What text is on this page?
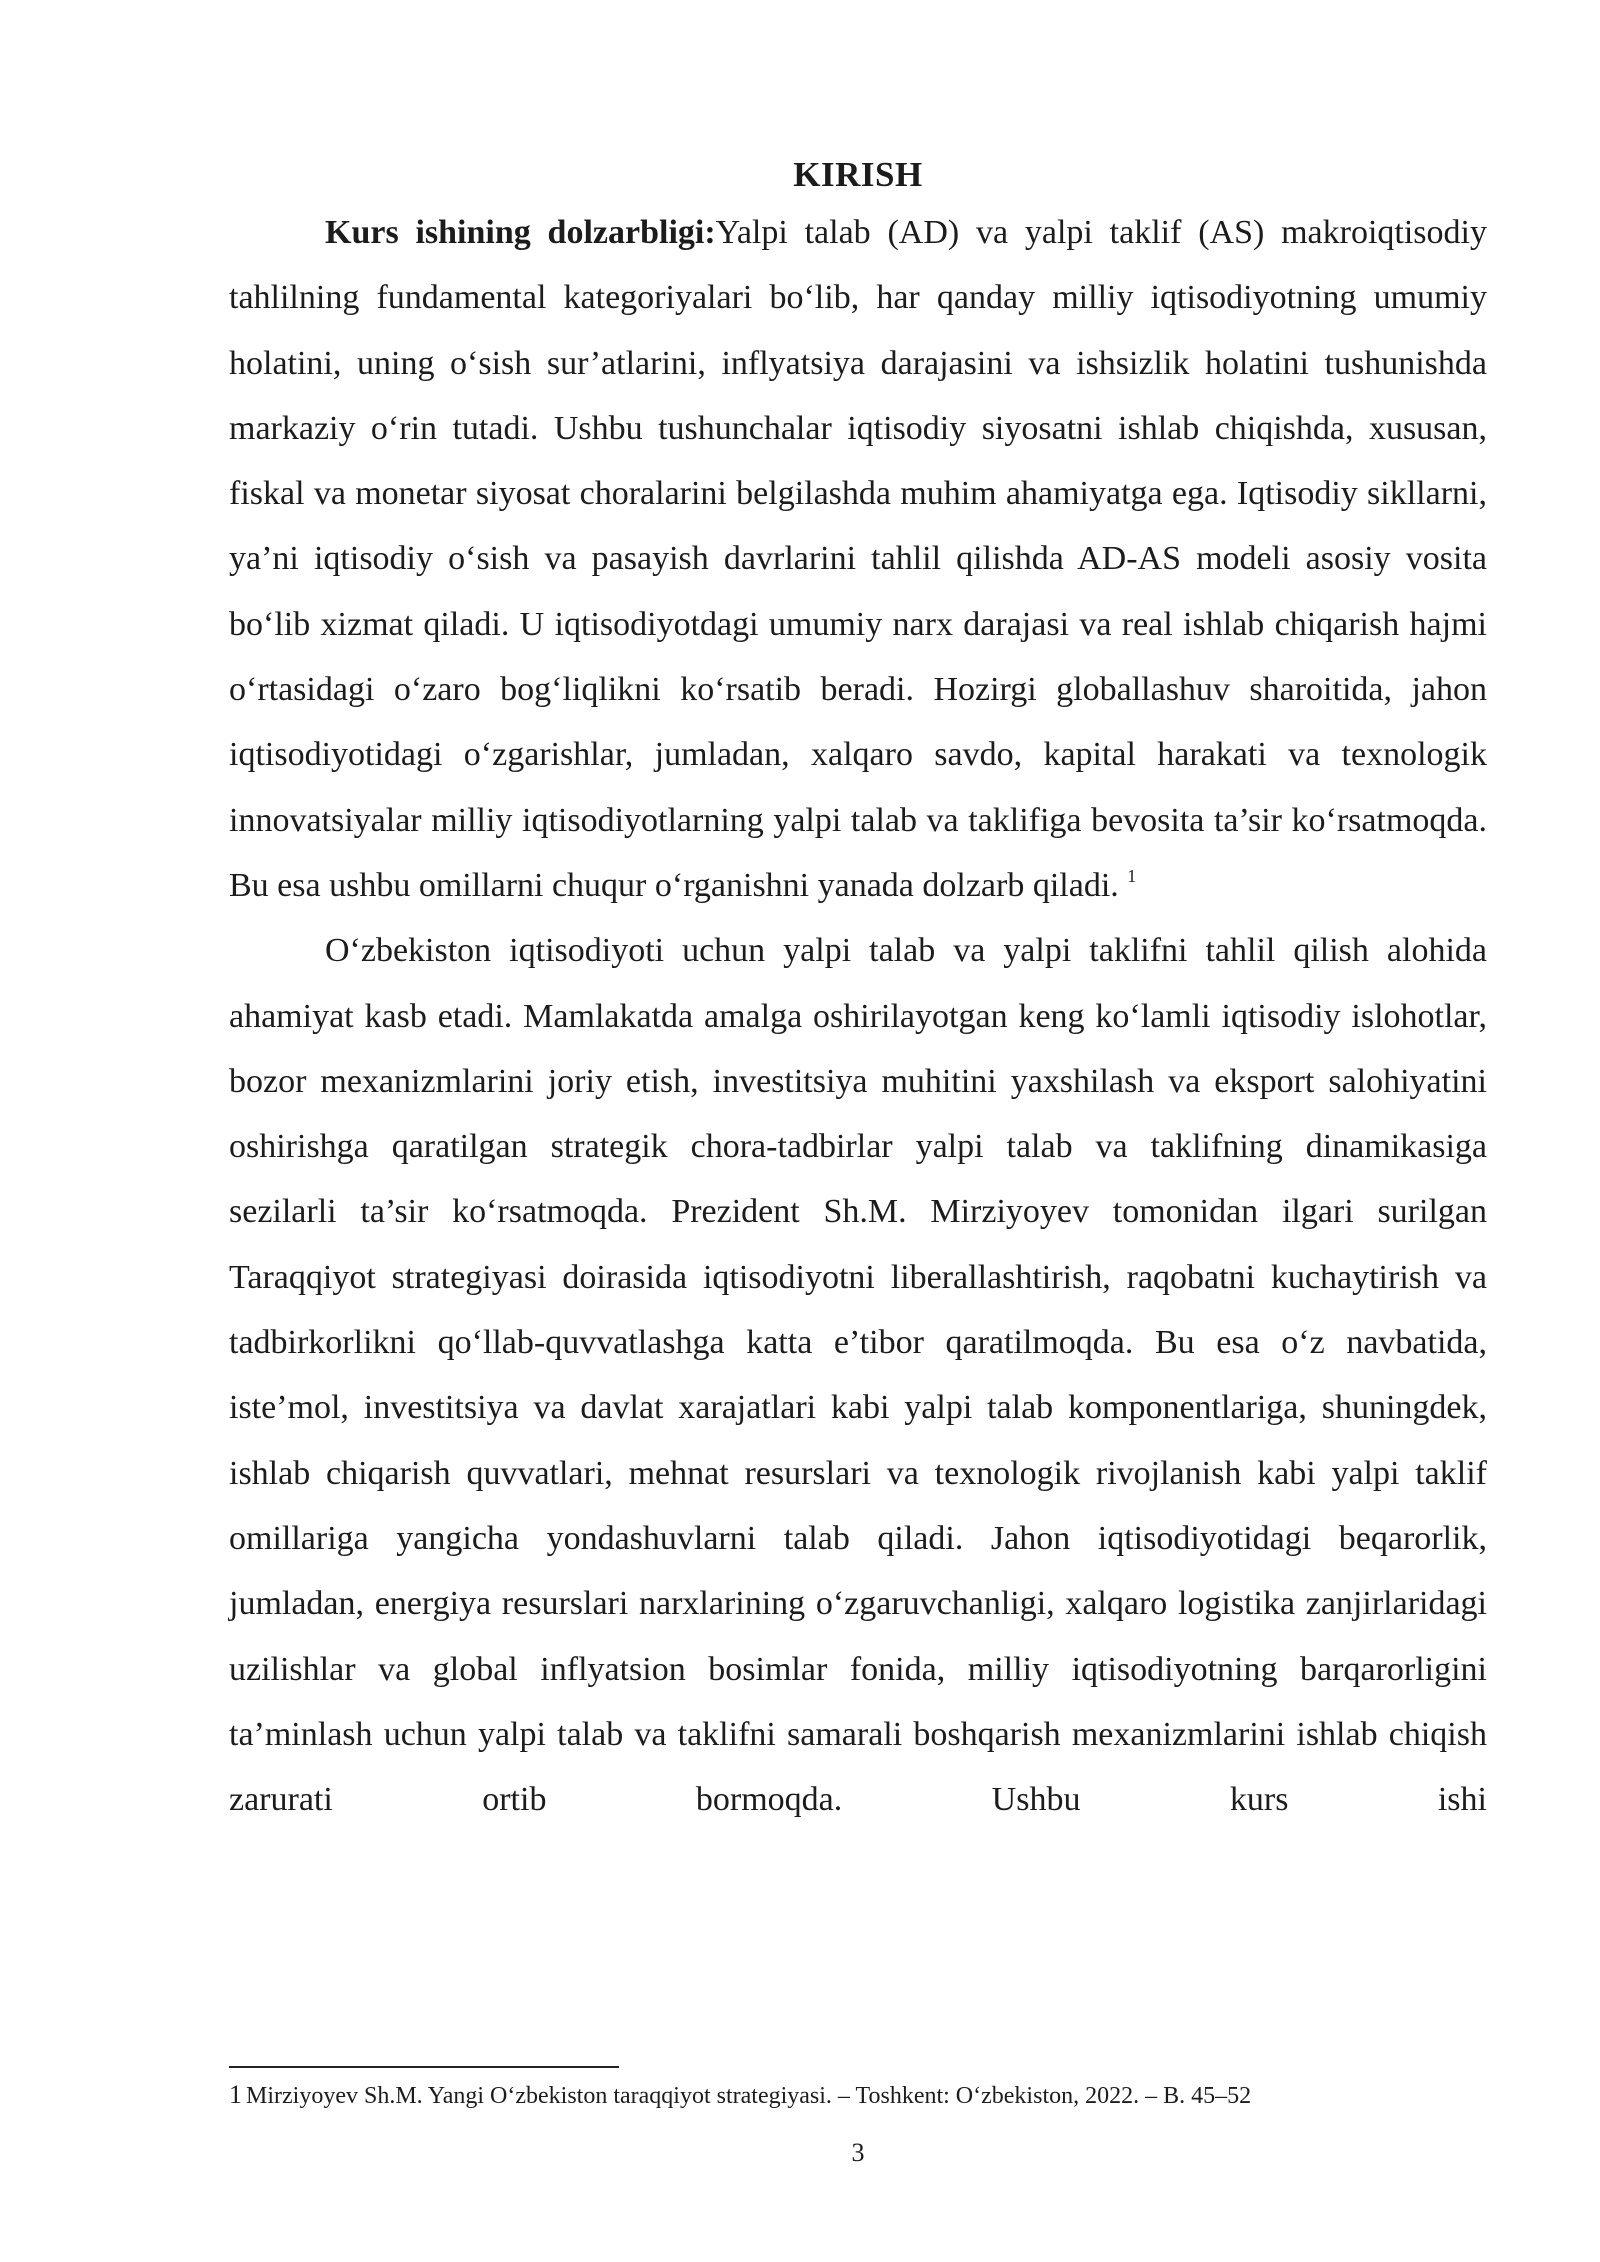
KIRISH

Kurs ishining dolzarbligi:Yalpi talab (AD) va yalpi taklif (AS) makroiqtisodiy tahlilning fundamental kategoriyalari bo‘lib, har qanday milliy iqtisodiyotning umumiy holatini, uning o‘sish sur’atlarini, inflyatsiya darajasini va ishsizlik holatini tushunishda markaziy o‘rin tutadi. Ushbu tushunchalar iqtisodiy siyosatni ishlab chiqishda, xususan, fiskal va monetar siyosat choralarini belgilashda muhim ahamiyatga ega. Iqtisodiy sikllarni, ya’ni iqtisodiy o‘sish va pasayish davrlarini tahlil qilishda AD-AS modeli asosiy vosita bo‘lib xizmat qiladi. U iqtisodiyotdagi umumiy narx darajasi va real ishlab chiqarish hajmi o‘rtasidagi o‘zaro bog‘liqlikni ko‘rsatib beradi. Hozirgi globallashuv sharoitida, jahon iqtisodiyotidagi o‘zgarishlar, jumladan, xalqaro savdo, kapital harakati va texnologik innovatsiyalar milliy iqtisodiyotlarning yalpi talab va taklifiga bevosita ta’sir ko‘rsatmoqda. Bu esa ushbu omillarni chuqur o‘rganishni yanada dolzarb qiladi. $^1$

O‘zbekiston iqtisodiyoti uchun yalpi talab va yalpi taklifni tahlil qilish alohida ahamiyat kasb etadi. Mamlakatda amalga oshirilayotgan keng ko‘lamli iqtisodiy islohotlar, bozor mexanizmlarini joriy etish, investitsiya muhitini yaxshilash va eksport salohiyatini oshirishga qaratilgan strategik chora-tadbirlar yalpi talab va taklifning dinamikasiga sezilarli ta’sir ko‘rsatmoqda. Prezident Sh.M. Mirziyoyev tomonidan ilgari surilgan Taraqqiyot strategiyasi doirasida iqtisodiyotni liberallashtirish, raqobatni kuchaytirish va tadbirkorlikni qo‘llab-quvvatlashga katta e’tibor qaratilmoqda. Bu esa o‘z navbatida, iste’mol, investitsiya va davlat xarajatlari kabi yalpi talab komponentlariga, shuningdek, ishlab chiqarish quvvatlari, mehnat resurslari va texnologik rivojlanish kabi yalpi taklif omillariga yangicha yondashuvlarni talab qiladi. Jahon iqtisodiyotidagi beqarorlik, jumladan, energiya resurslari narxlarining o‘zgaruvchanligi, xalqaro logistika zanjirlaridagi uzilishlar va global inflyatsion bosimlar fonida, milliy iqtisodiyotning barqarorligini ta’minlash uchun yalpi talab va taklifni samarali boshqarish mexanizmlarini ishlab chiqish zarurati ortib bormoqda. Ushbu kurs ishi

1 Mirziyoyev Sh.M. Yangi O‘zbekiston taraqqiyot strategiyasi. – Toshkent: O‘zbekiston, 2022. – B. 45–52
3
